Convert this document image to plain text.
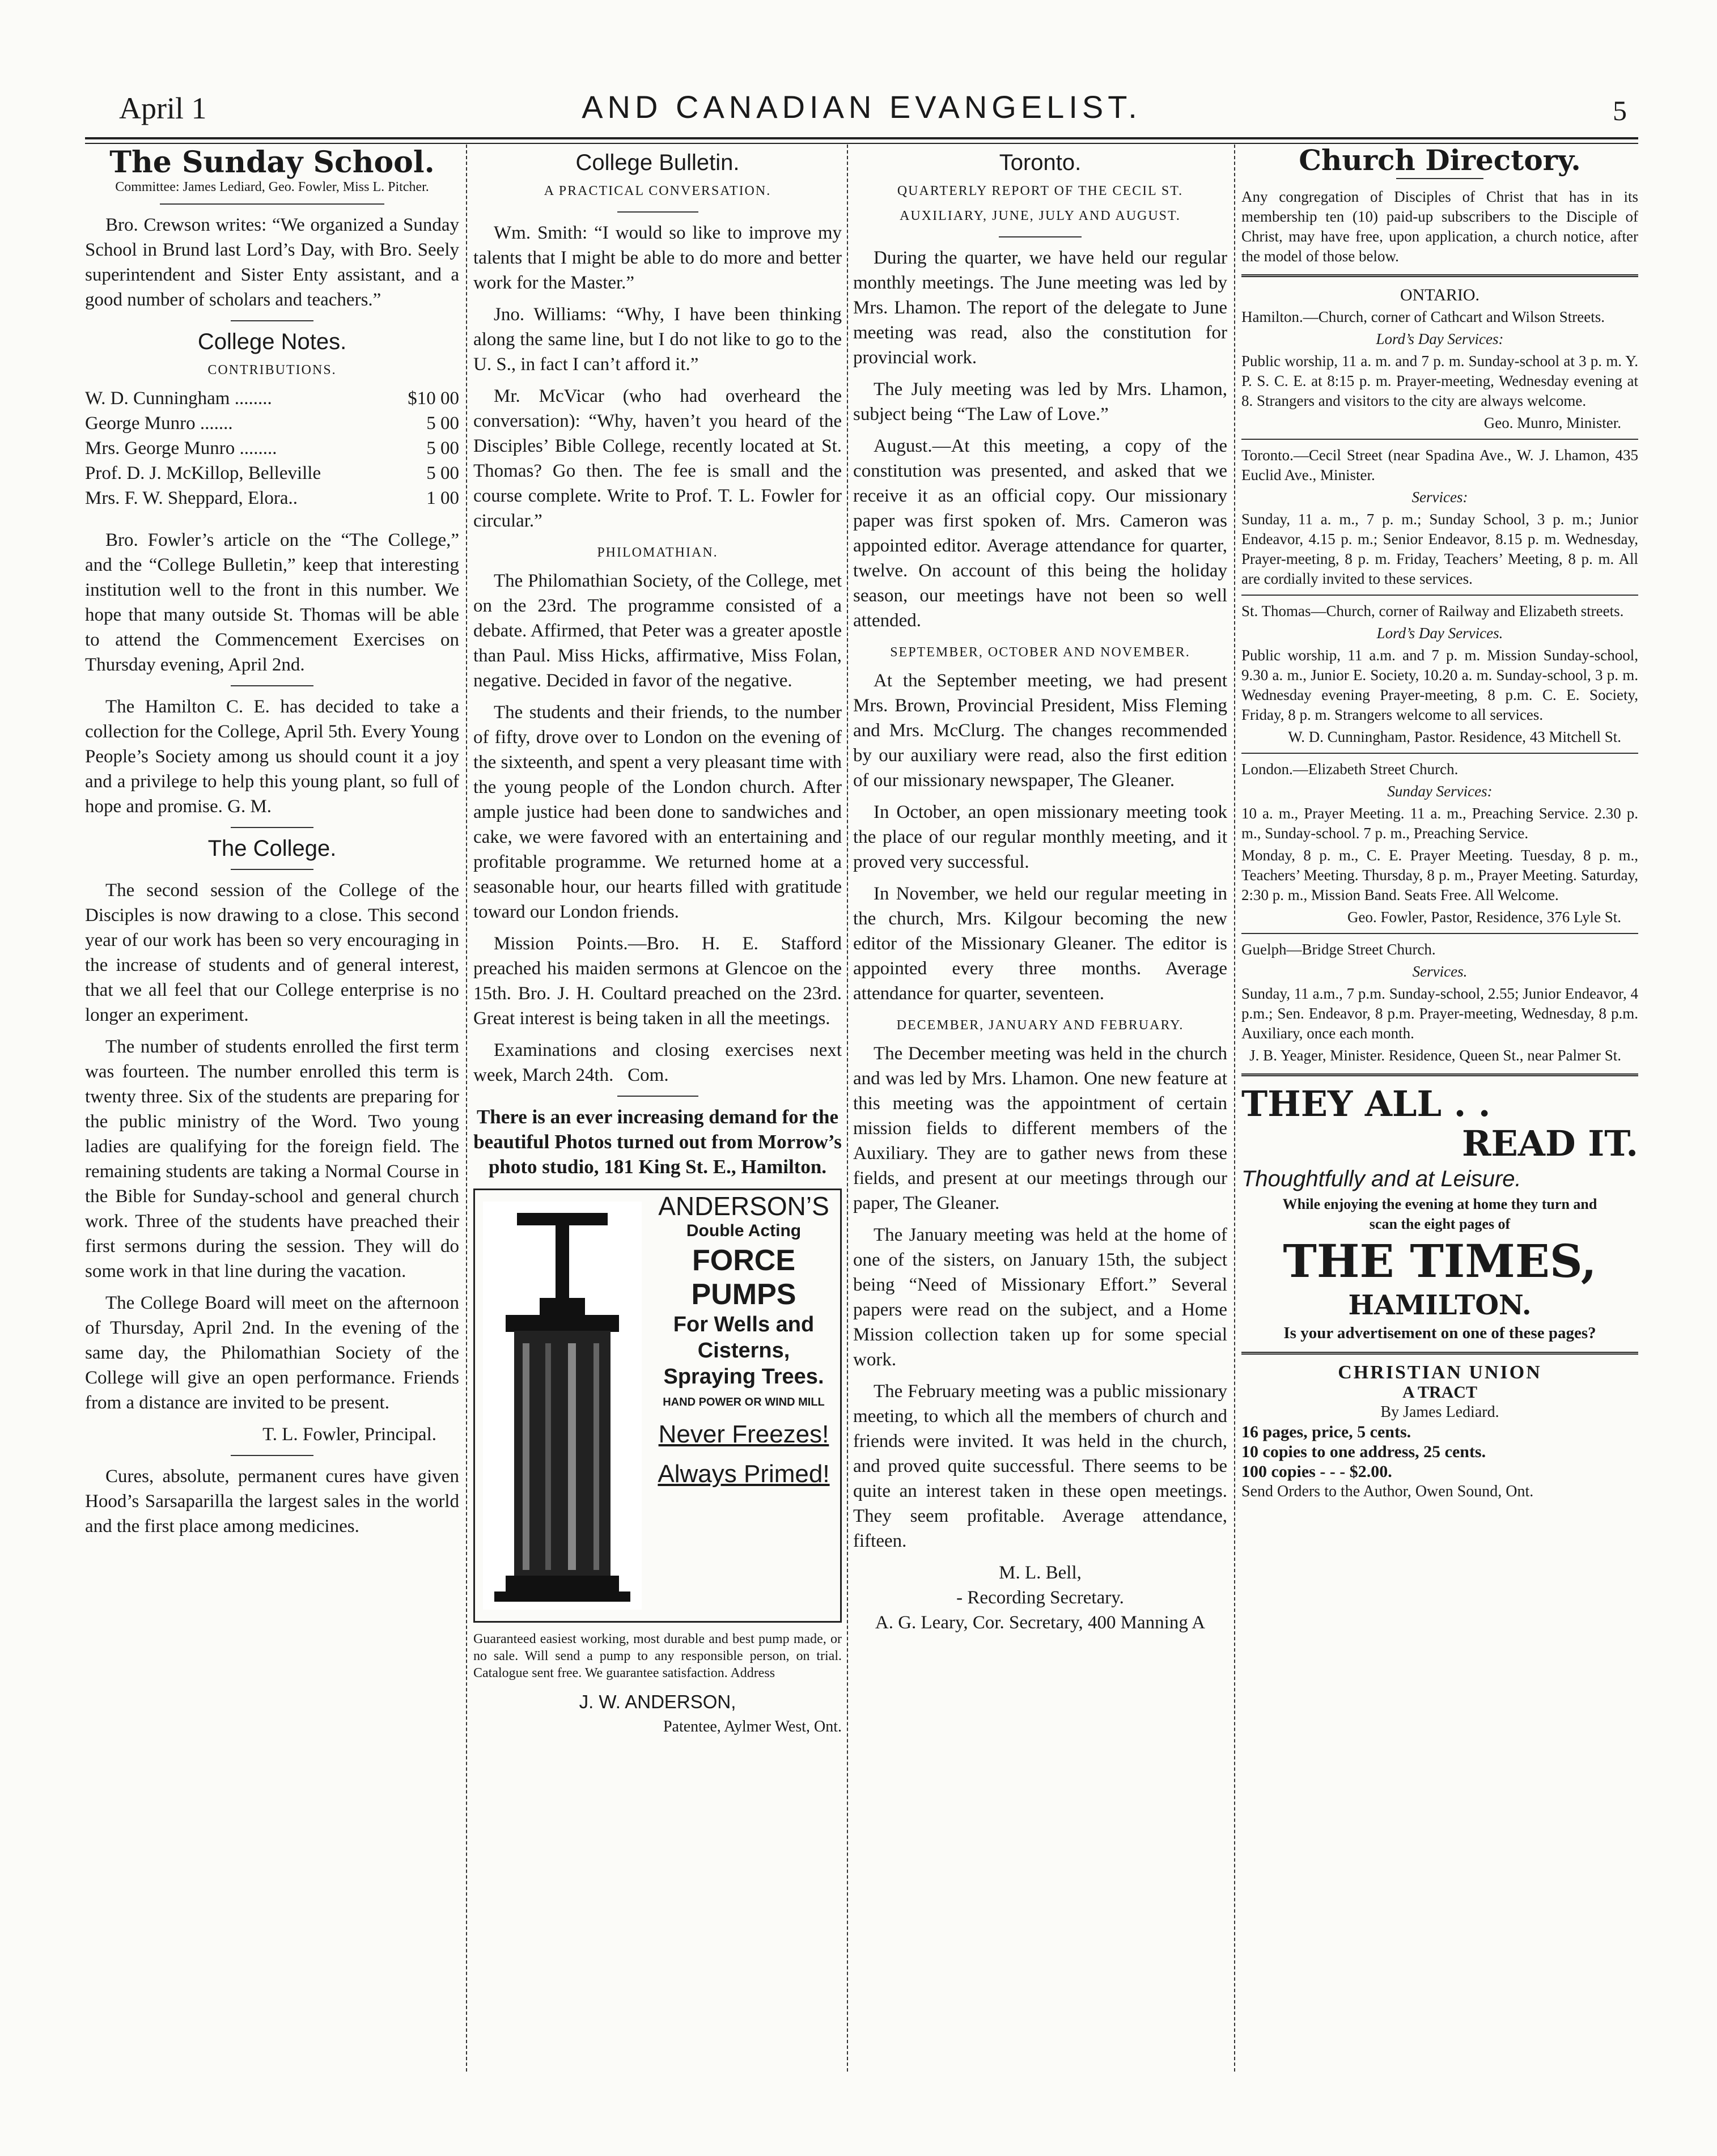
April 1	AND CANADIAN EVANGELIST.	5
The Sunday School.
Committee: James Lediard, Geo. Fowler, Miss L. Pitcher.

Bro. Crewson writes: “We organized a Sunday School in Brund last Lord’s Day, with Bro. Seely superintendent and Sister Enty assistant, and a good number of scholars and teachers.”

College Notes.
CONTRIBUTIONS.
W. D. Cunningham ........	$10 00
George Munro .......	5 00
Mrs. George Munro ........	5 00
Prof. D. J. McKillop, Belleville	5 00
Mrs. F. W. Sheppard, Elora..	1 00

Bro. Fowler’s article on the “The College,” and the “College Bulletin,” keep that interesting institution well to the front in this number. We hope that many outside St. Thomas will be able to attend the Commencement Exercises on Thursday evening, April 2nd.

The Hamilton C. E. has decided to take a collection for the College, April 5th. Every Young People’s Society among us should count it a joy and a privilege to help this young plant, so full of hope and promise. G. M.

The College.

The second session of the College of the Disciples is now drawing to a close. This second year of our work has been so very encouraging in the increase of students and of general interest, that we all feel that our College enterprise is no longer an experiment.

The number of students enrolled the first term was fourteen. The number enrolled this term is twenty three. Six of the students are preparing for the public ministry of the Word. Two young ladies are qualifying for the foreign field. The remaining students are taking a Normal Course in the Bible for Sunday-school and general church work. Three of the students have preached their first sermons during the session. They will do some work in that line during the vacation.

The College Board will meet on the afternoon of Thursday, April 2nd. In the evening of the same day, the Philomathian Society of the College will give an open performance. Friends from a distance are invited to be present.

T. L. Fowler, Principal.

Cures, absolute, permanent cures have given Hood’s Sarsaparilla the largest sales in the world and the first place among medicines.

College Bulletin.
A PRACTICAL CONVERSATION.

Wm. Smith: “I would so like to improve my talents that I might be able to do more and better work for the Master.”

Jno. Williams: “Why, I have been thinking along the same line, but I do not like to go to the U. S., in fact I can’t afford it.”

Mr. McVicar (who had overheard the conversation): “Why, haven’t you heard of the Disciples’ Bible College, recently located at St. Thomas? Go then. The fee is small and the course complete. Write to Prof. T. L. Fowler for circular.”

PHILOMATHIAN.

The Philomathian Society, of the College, met on the 23rd. The programme consisted of a debate. Affirmed, that Peter was a greater apostle than Paul. Miss Hicks, affirmative, Miss Folan, negative. Decided in favor of the negative.

The students and their friends, to the number of fifty, drove over to London on the evening of the sixteenth, and spent a very pleasant time with the young people of the London church. After ample justice had been done to sandwiches and cake, we were favored with an entertaining and profitable programme. We returned home at a seasonable hour, our hearts filled with gratitude toward our London friends.

Mission Points.—Bro. H. E. Stafford preached his maiden sermons at Glencoe on the 15th. Bro. J. H. Coultard preached on the 23rd. Great interest is being taken in all the meetings.

Examinations and closing exercises next week, March 24th. Com.

There is an ever increasing demand for the beautiful Photos turned out from Morrow’s photo studio, 181 King St. E., Hamilton.
ANDERSON’S
Double Acting
FORCE PUMPS
For Wells and Cisterns, Spraying Trees.
HAND POWER OR WIND MILL
Never Freezes!
Always Primed!
Guaranteed easiest working, most durable and best pump made, or no sale. Will send a pump to any responsible person, on trial. Catalogue sent free. We guarantee satisfaction. Address
J. W. ANDERSON,
Patentee, Aylmer West, Ont.
Toronto.
QUARTERLY REPORT OF THE CECIL ST. AUXILIARY, JUNE, JULY AND AUGUST.

During the quarter, we have held our regular monthly meetings. The June meeting was led by Mrs. Lhamon. The report of the delegate to June meeting was read, also the constitution for provincial work.

The July meeting was led by Mrs. Lhamon, subject being “The Law of Love.”

August.—At this meeting, a copy of the constitution was presented, and asked that we receive it as an official copy. Our missionary paper was first spoken of. Mrs. Cameron was appointed editor. Average attendance for quarter, twelve. On account of this being the holiday season, our meetings have not been so well attended.

SEPTEMBER, OCTOBER AND NOVEMBER.

At the September meeting, we had present Mrs. Brown, Provincial President, Miss Fleming and Mrs. McClurg. The changes recommended by our auxiliary were read, also the first edition of our missionary newspaper, The Gleaner.

In October, an open missionary meeting took the place of our regular monthly meeting, and it proved very successful.

In November, we held our regular meeting in the church, Mrs. Kilgour becoming the new editor of the Missionary Gleaner. The editor is appointed every three months. Average attendance for quarter, seventeen.

DECEMBER, JANUARY AND FEBRUARY.

The December meeting was held in the church and was led by Mrs. Lhamon. One new feature at this meeting was the appointment of certain mission fields to different members of the Auxiliary. They are to gather news from these fields, and present at our meetings through our paper, The Gleaner.

The January meeting was held at the home of one of the sisters, on January 15th, the subject being “Need of Missionary Effort.” Several papers were read on the subject, and a Home Mission collection taken up for some special work.

The February meeting was a public missionary meeting, to which all the members of church and friends were invited. It was held in the church, and proved quite successful. There seems to be quite an interest taken in these open meetings. They seem profitable. Average attendance, fifteen.

M. L. Bell,
- Recording Secretary.
A. G. Leary, Cor. Secretary, 400 Manning A
Church Directory.

Any congregation of Disciples of Christ that has in its membership ten (10) paid-up subscribers to the Disciple of Christ, may have free, upon application, a church notice, after the model of those below.

ONTARIO.

Hamilton.—Church, corner of Cathcart and Wilson Streets.

Lord’s Day Services:

Public worship, 11 a. m. and 7 p. m. Sunday-school at 3 p. m. Y. P. S. C. E. at 8:15 p. m. Prayer-meeting, Wednesday evening at 8. Strangers and visitors to the city are always welcome.

Geo. Munro, Minister.

Toronto.—Cecil Street (near Spadina Ave., W. J. Lhamon, 435 Euclid Ave., Minister.

Services:

Sunday, 11 a. m., 7 p. m.; Sunday School, 3 p. m.; Junior Endeavor, 4.15 p. m.; Senior Endeavor, 8.15 p. m. Wednesday, Prayer-meeting, 8 p. m. Friday, Teachers’ Meeting, 8 p. m. All are cordially invited to these services.

St. Thomas—Church, corner of Railway and Elizabeth streets.

Lord’s Day Services.

Public worship, 11 a.m. and 7 p. m. Mission Sunday-school, 9.30 a. m., Junior E. Society, 10.20 a. m. Sunday-school, 3 p. m. Wednesday evening Prayer-meeting, 8 p.m. C. E. Society, Friday, 8 p. m. Strangers welcome to all services.

W. D. Cunningham, Pastor. Residence, 43 Mitchell St.

London.—Elizabeth Street Church.

Sunday Services:

10 a. m., Prayer Meeting. 11 a. m., Preaching Service. 2.30 p. m., Sunday-school. 7 p. m., Preaching Service.

Monday, 8 p. m., C. E. Prayer Meeting. Tuesday, 8 p. m., Teachers’ Meeting. Thursday, 8 p. m., Prayer Meeting. Saturday, 2:30 p. m., Mission Band. Seats Free. All Welcome.

Geo. Fowler, Pastor, Residence, 376 Lyle St.

Guelph—Bridge Street Church.

Services.

Sunday, 11 a.m., 7 p.m. Sunday-school, 2.55; Junior Endeavor, 4 p.m.; Sen. Endeavor, 8 p.m. Prayer-meeting, Wednesday, 8 p.m. Auxiliary, once each month.

J. B. Yeager, Minister. Residence, Queen St., near Palmer St.
THEY ALL . .
READ IT.
Thoughtfully and at Leisure.
While enjoying the evening at home they turn and scan the eight pages of
THE TIMES,
HAMILTON.
Is your advertisement on one of these pages?
CHRISTIAN UNION
A TRACT
By James Lediard.
16 pages, price, 5 cents.
10 copies to one address, 25 cents.
100 copies - - - $2.00.
Send Orders to the Author, Owen Sound, Ont.
